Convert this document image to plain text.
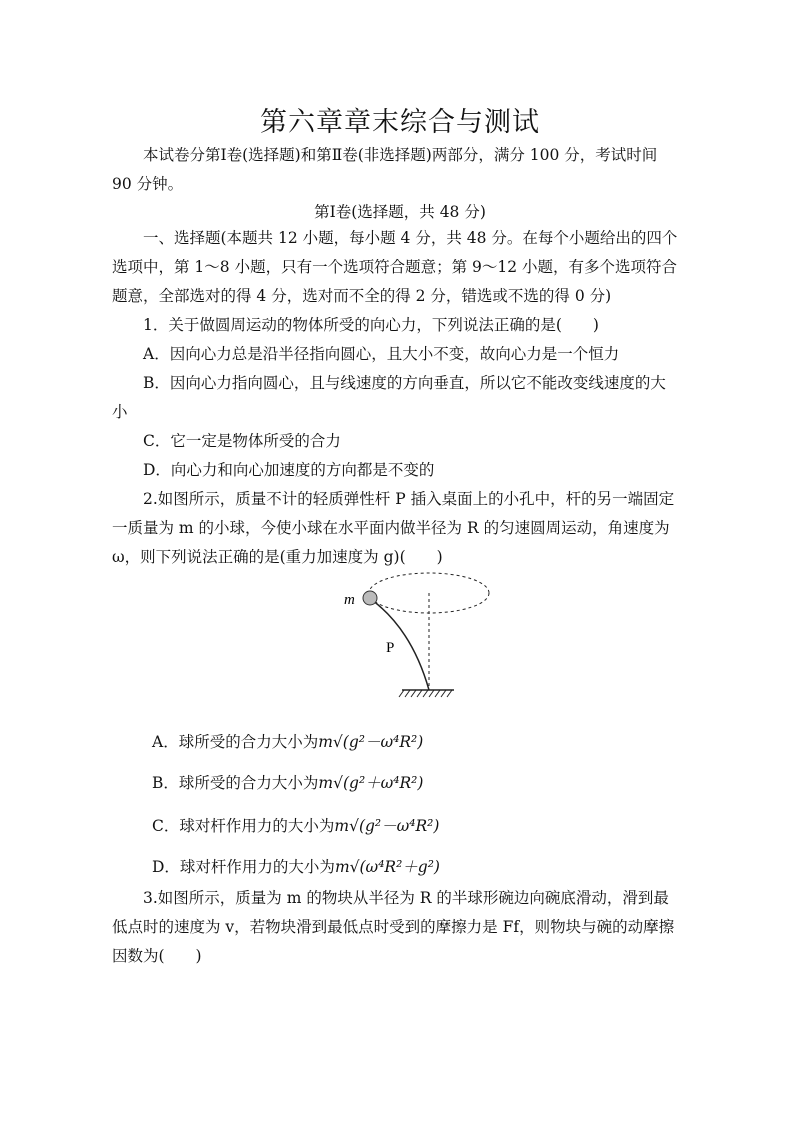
第六章章末综合与测试
本试卷分第Ⅰ卷(选择题)和第Ⅱ卷(非选择题)两部分，满分 100 分，考试时间 90 分钟。
第Ⅰ卷(选择题，共 48 分)
一、选择题(本题共 12 小题，每小题 4 分，共 48 分。在每个小题给出的四个选项中，第 1～8 小题，只有一个选项符合题意；第 9～12 小题，有多个选项符合题意，全部选对的得 4 分，选对而不全的得 2 分，错选或不选的得 0 分)
1．关于做圆周运动的物体所受的向心力，下列说法正确的是(　　)
A．因向心力总是沿半径指向圆心，且大小不变，故向心力是一个恒力
B．因向心力指向圆心，且与线速度的方向垂直，所以它不能改变线速度的大小
C．它一定是物体所受的合力
D．向心力和向心加速度的方向都是不变的
2.如图所示，质量不计的轻质弹性杆 P 插入桌面上的小孔中，杆的另一端固定一质量为 m 的小球，今使小球在水平面内做半径为 R 的匀速圆周运动，角速度为 ω，则下列说法正确的是(重力加速度为 g)(　　)
m
P
A．球所受的合力大小为m√(g²－ω⁴R²)
B．球所受的合力大小为m√(g²＋ω⁴R²)
C．球对杆作用力的大小为m√(g²－ω⁴R²)
D．球对杆作用力的大小为m√(ω⁴R²＋g²)
3.如图所示，质量为 m 的物块从半径为 R 的半球形碗边向碗底滑动，滑到最低点时的速度为 v，若物块滑到最低点时受到的摩擦力是 Ff，则物块与碗的动摩擦因数为(　　)
